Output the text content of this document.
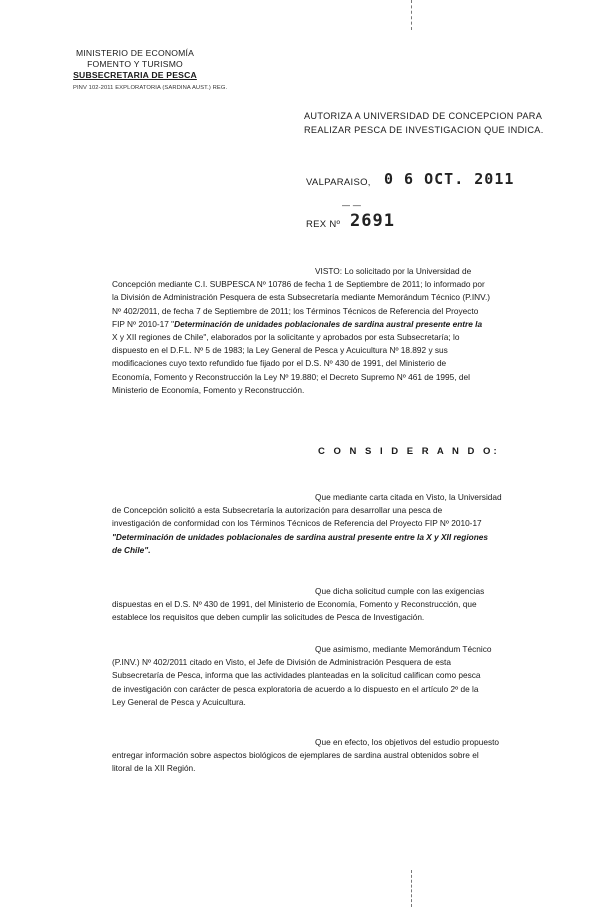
MINISTERIO DE ECONOMÍA
FOMENTO Y TURISMO
SUBSECRETARIA DE PESCA
PINV 102-2011 EXPLORATORIA (SARDINA AUST.) REG.
AUTORIZA A UNIVERSIDAD DE CONCEPCION PARA
REALIZAR PESCA DE INVESTIGACION QUE INDICA.
VALPARAISO, 0 6 OCT. 2011
— —
REX Nº 2691
VISTO: Lo solicitado por la Universidad de
Concepción mediante C.I. SUBPESCA Nº 10786 de fecha 1 de Septiembre de 2011; lo informado por
la División de Administración Pesquera de esta Subsecretaría mediante Memorándum Técnico (P.INV.)
Nº 402/2011, de fecha 7 de Septiembre de 2011; los Términos Técnicos de Referencia del Proyecto
FIP Nº 2010-17 "Determinación de unidades poblacionales de sardina austral presente entre la
X y XII regiones de Chile", elaborados por la solicitante y aprobados por esta Subsecretaría; lo
dispuesto en el D.F.L. Nº 5 de 1983; la Ley General de Pesca y Acuicultura Nº 18.892 y sus
modificaciones cuyo texto refundido fue fijado por el D.S. Nº 430 de 1991, del Ministerio de
Economía, Fomento y Reconstrucción la Ley Nº 19.880; el Decreto Supremo Nº 461 de 1995, del
Ministerio de Economía, Fomento y Reconstrucción.
C O N S I D E R A N D O:
Que mediante carta citada en Visto, la Universidad
de Concepción solicitó a esta Subsecretaría la autorización para desarrollar una pesca de
investigación de conformidad con los Términos Técnicos de Referencia del Proyecto FIP Nº 2010-17
"Determinación de unidades poblacionales de sardina austral presente entre la X y XII regiones
de Chile".
Que dicha solicitud cumple con las exigencias
dispuestas en el D.S. Nº 430 de 1991, del Ministerio de Economía, Fomento y Reconstrucción, que
establece los requisitos que deben cumplir las solicitudes de Pesca de Investigación.
Que asimismo, mediante Memorándum Técnico
(P.INV.) Nº 402/2011 citado en Visto, el Jefe de División de Administración Pesquera de esta
Subsecretaría de Pesca, informa que las actividades planteadas en la solicitud califican como pesca
de investigación con carácter de pesca exploratoria de acuerdo a lo dispuesto en el artículo 2º de la
Ley General de Pesca y Acuicultura.
Que en efecto, los objetivos del estudio propuesto
entregar información sobre aspectos biológicos de ejemplares de sardina austral obtenidos sobre el
litoral de la XII Región.
